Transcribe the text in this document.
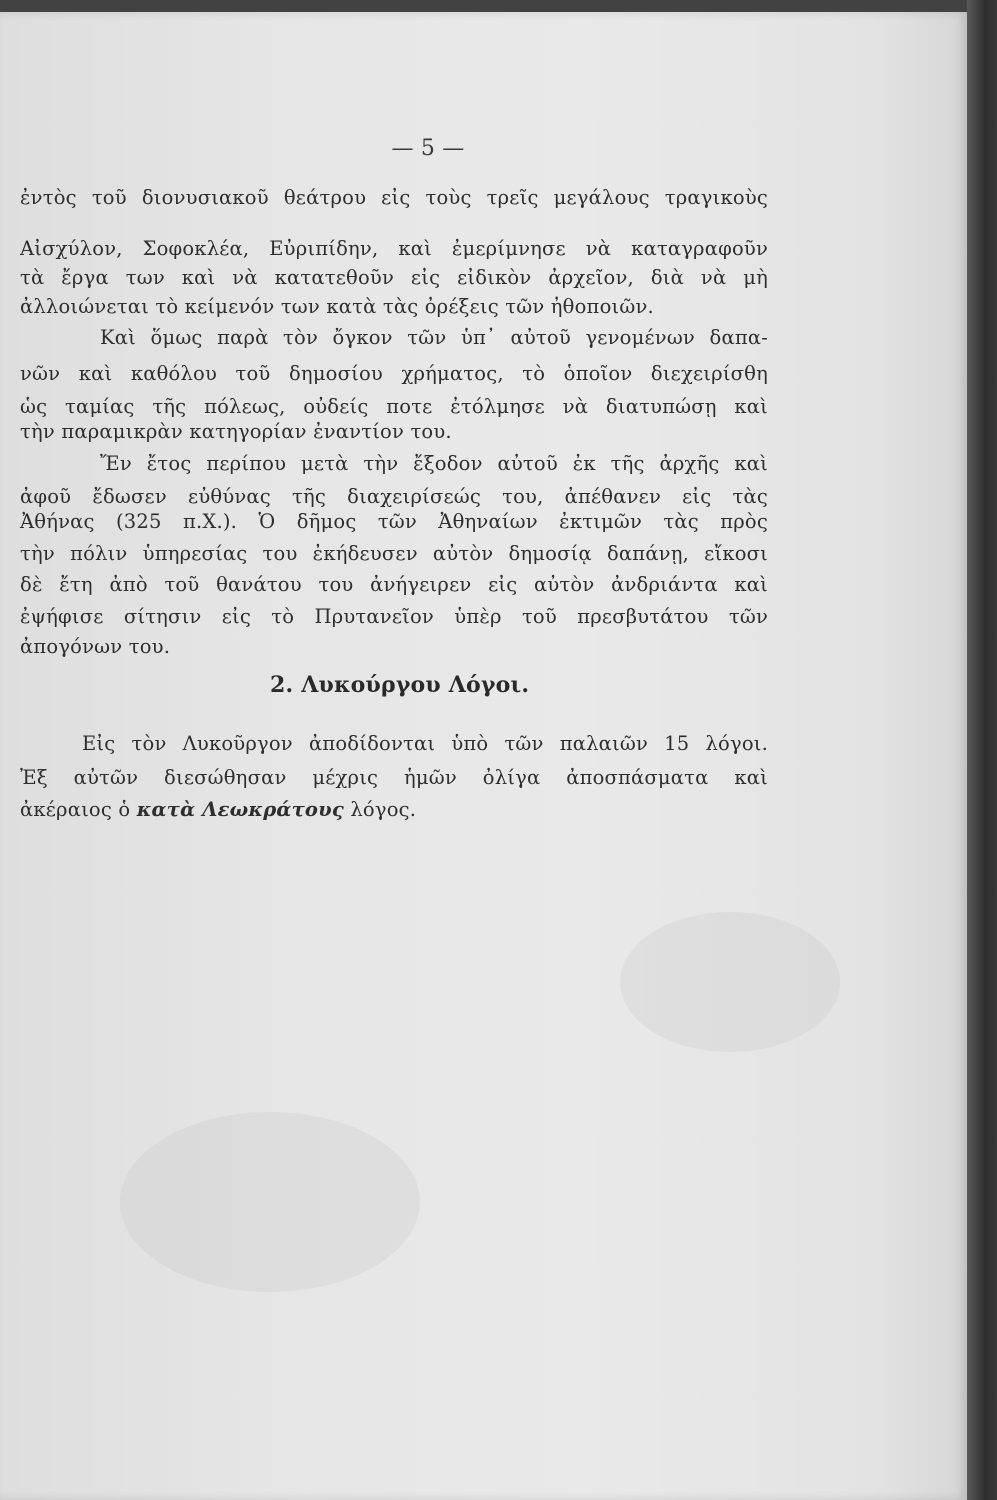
— 5 —
ἐντὸς τοῦ διονυσιακοῦ θεάτρου εἰς τοὺς τρεῖς μεγάλους τραγικοὺς
Αἰσχύλον, Σοφοκλέα, Εὐριπίδην, καὶ ἐμερίμνησε νὰ καταγραφοῦν
τὰ ἔργα των καὶ νὰ κατατεθοῦν εἰς εἰδικὸν ἀρχεῖον, διὰ νὰ μὴ
ἀλλοιώνεται τὸ κείμενόν των κατὰ τὰς ὀρέξεις τῶν ἠθοποιῶν.
Καὶ ὅμως παρὰ τὸν ὄγκον τῶν ὑπ᾽ αὐτοῦ γενομένων δαπα-
νῶν καὶ καθόλου τοῦ δημοσίου χρήματος, τὸ ὁποῖον διεχειρίσθη
ὡς ταμίας τῆς πόλεως, οὐδείς ποτε ἐτόλμησε νὰ διατυπώσῃ καὶ
τὴν παραμικρὰν κατηγορίαν ἐναντίον του.
Ἔν ἔτος περίπου μετὰ τὴν ἔξοδον αὐτοῦ ἐκ τῆς ἀρχῆς καὶ
ἀφοῦ ἔδωσεν εὐθύνας τῆς διαχειρίσεώς του, ἀπέθανεν εἰς τὰς
Ἀθήνας (325 π.Χ.). Ὁ δῆμος τῶν Ἀθηναίων ἐκτιμῶν τὰς πρὸς
τὴν πόλιν ὑπηρεσίας του ἐκήδευσεν αὐτὸν δημοσίᾳ δαπάνῃ, εἴκοσι
δὲ ἔτη ἀπὸ τοῦ θανάτου του ἀνήγειρεν εἰς αὐτὸν ἀνδριάντα καὶ
ἐψήφισε σίτησιν εἰς τὸ Πρυτανεῖον ὑπὲρ τοῦ πρεσβυτάτου τῶν
ἀπογόνων του.
2. Λυκούργου Λόγοι.
Εἰς τὸν Λυκοῦργον ἀποδίδονται ὑπὸ τῶν παλαιῶν 15 λόγοι.
Ἐξ αὐτῶν διεσώθησαν μέχρις ἡμῶν ὀλίγα ἀποσπάσματα καὶ
ἀκέραιος ὁ κατὰ Λεωκράτους λόγος.
